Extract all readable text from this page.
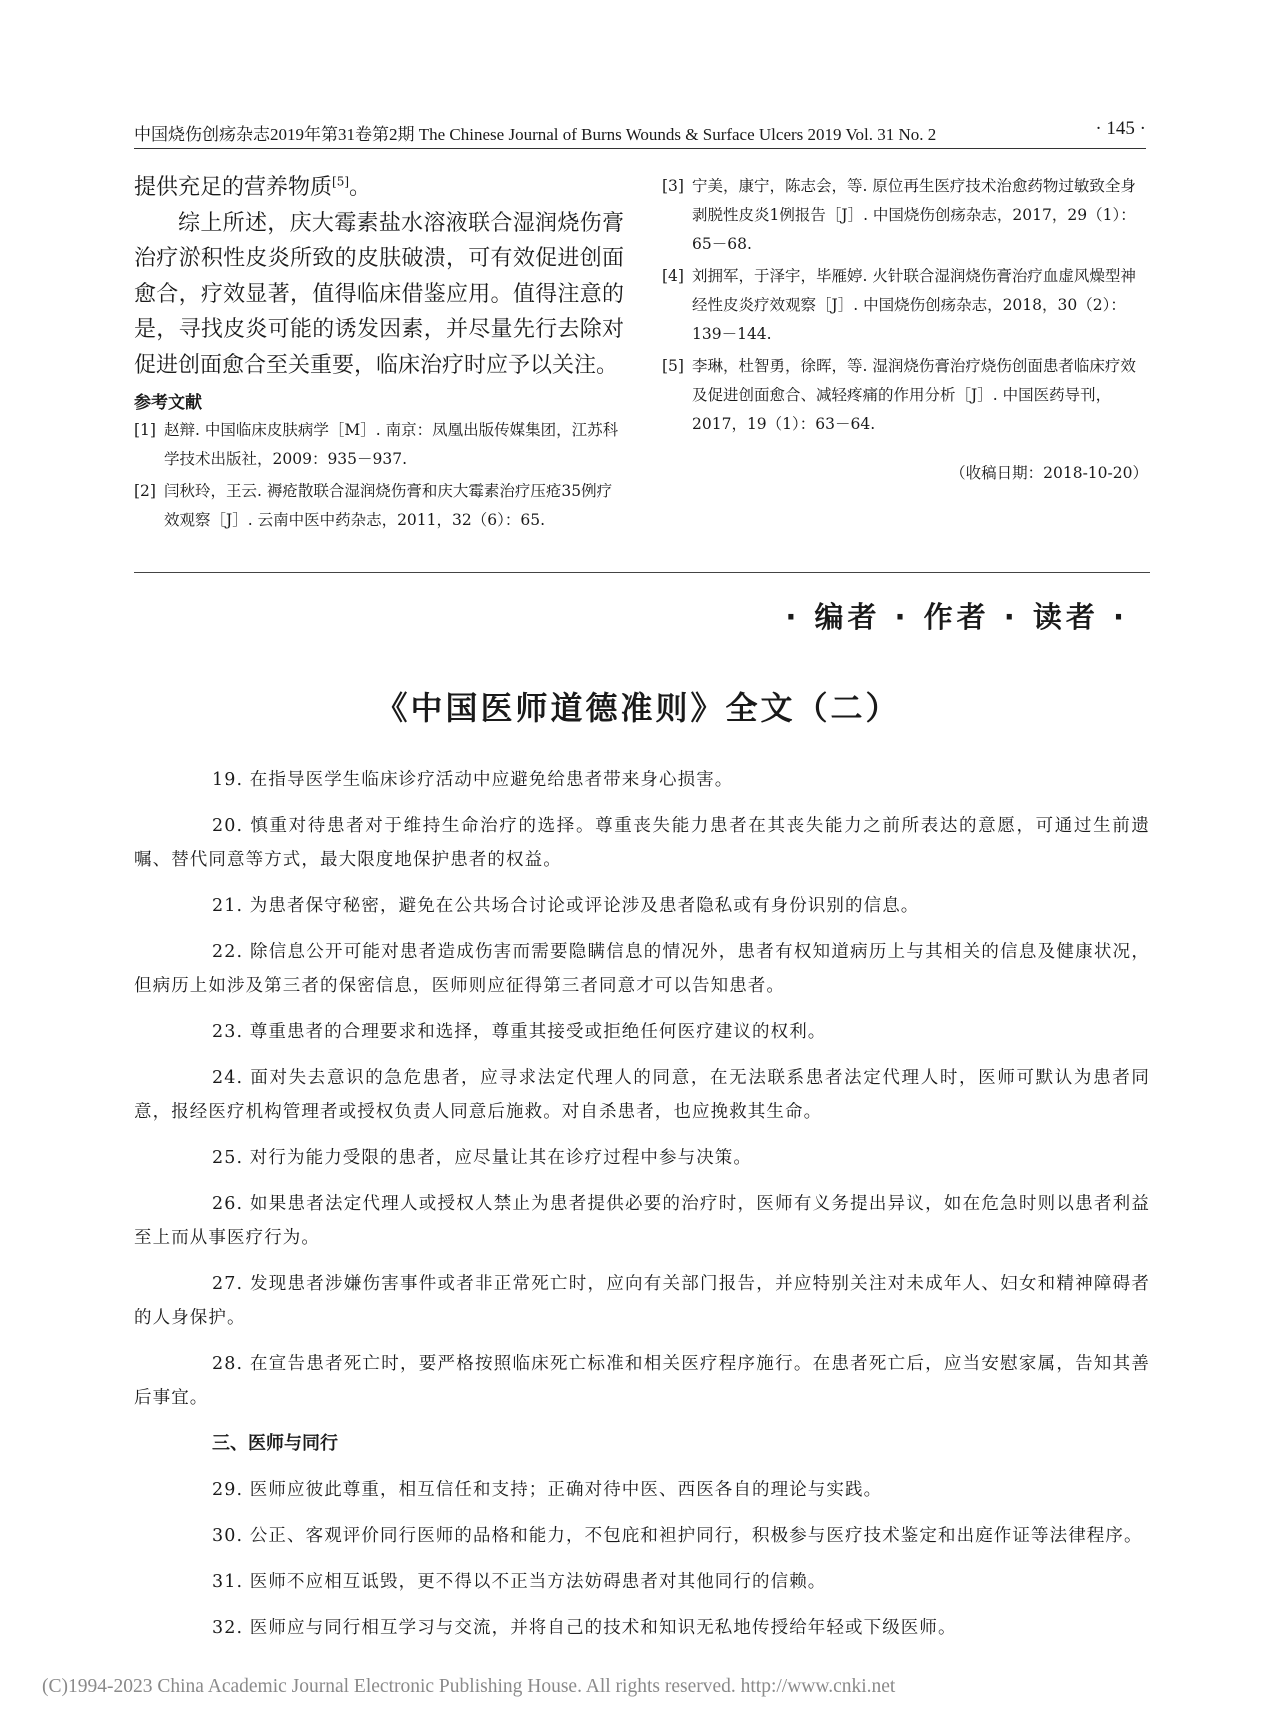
中国烧伤创疡杂志2019年第31卷第2期 The Chinese Journal of Burns Wounds & Surface Ulcers 2019 Vol. 31 No. 2	· 145 ·

提供充足的营养物质[5]。

综上所述，庆大霉素盐水溶液联合湿润烧伤膏治疗淤积性皮炎所致的皮肤破溃，可有效促进创面愈合，疗效显著，值得临床借鉴应用。值得注意的是，寻找皮炎可能的诱发因素，并尽量先行去除对促进创面愈合至关重要，临床治疗时应予以关注。

参考文献
[1] 赵辩. 中国临床皮肤病学［M］. 南京：凤凰出版传媒集团，江苏科学技术出版社，2009：935－937.
[2] 闫秋玲，王云. 褥疮散联合湿润烧伤膏和庆大霉素治疗压疮35例疗效观察［J］. 云南中医中药杂志，2011，32（6）：65.
[3] 宁美，康宁，陈志会，等. 原位再生医疗技术治愈药物过敏致全身剥脱性皮炎1例报告［J］. 中国烧伤创疡杂志，2017，29（1）：65－68.
[4] 刘拥军，于泽宇，毕雁婷. 火针联合湿润烧伤膏治疗血虚风燥型神经性皮炎疗效观察［J］. 中国烧伤创疡杂志，2018，30（2）：139－144.
[5] 李琳，杜智勇，徐晖，等. 湿润烧伤膏治疗烧伤创面患者临床疗效及促进创面愈合、减轻疼痛的作用分析［J］. 中国医药导刊，2017，19（1）：63－64.
（收稿日期：2018-10-20）
· 编者 · 作者 · 读者 ·
《中国医师道德准则》全文（二）

19. 在指导医学生临床诊疗活动中应避免给患者带来身心损害。

20. 慎重对待患者对于维持生命治疗的选择。尊重丧失能力患者在其丧失能力之前所表达的意愿，可通过生前遗嘱、替代同意等方式，最大限度地保护患者的权益。

21. 为患者保守秘密，避免在公共场合讨论或评论涉及患者隐私或有身份识别的信息。

22. 除信息公开可能对患者造成伤害而需要隐瞒信息的情况外，患者有权知道病历上与其相关的信息及健康状况，但病历上如涉及第三者的保密信息，医师则应征得第三者同意才可以告知患者。

23. 尊重患者的合理要求和选择，尊重其接受或拒绝任何医疗建议的权利。

24. 面对失去意识的急危患者，应寻求法定代理人的同意，在无法联系患者法定代理人时，医师可默认为患者同意，报经医疗机构管理者或授权负责人同意后施救。对自杀患者，也应挽救其生命。

25. 对行为能力受限的患者，应尽量让其在诊疗过程中参与决策。

26. 如果患者法定代理人或授权人禁止为患者提供必要的治疗时，医师有义务提出异议，如在危急时则以患者利益至上而从事医疗行为。

27. 发现患者涉嫌伤害事件或者非正常死亡时，应向有关部门报告，并应特别关注对未成年人、妇女和精神障碍者的人身保护。

28. 在宣告患者死亡时，要严格按照临床死亡标准和相关医疗程序施行。在患者死亡后，应当安慰家属，告知其善后事宜。

三、医师与同行

29. 医师应彼此尊重，相互信任和支持；正确对待中医、西医各自的理论与实践。

30. 公正、客观评价同行医师的品格和能力，不包庇和袒护同行，积极参与医疗技术鉴定和出庭作证等法律程序。

31. 医师不应相互诋毁，更不得以不正当方法妨碍患者对其他同行的信赖。

32. 医师应与同行相互学习与交流，并将自己的技术和知识无私地传授给年轻或下级医师。

(C)1994-2023 China Academic Journal Electronic Publishing House. All rights reserved. http://www.cnki.net
